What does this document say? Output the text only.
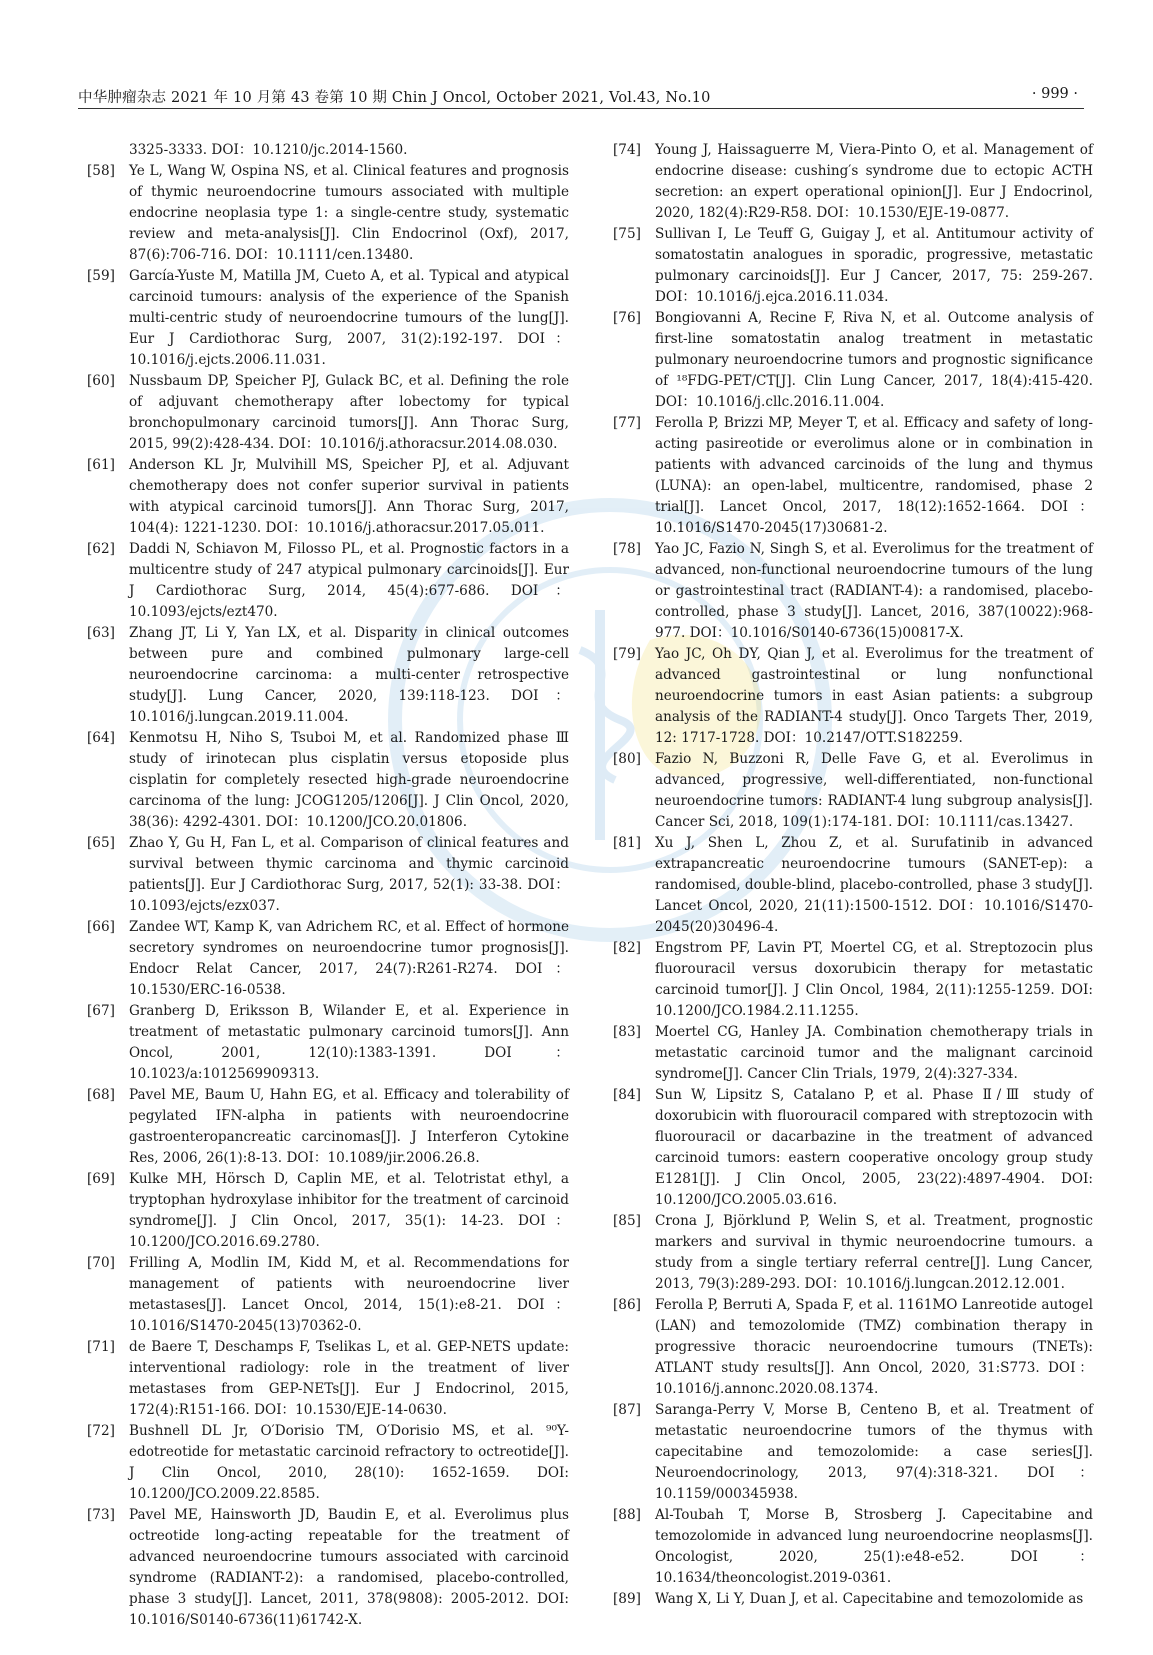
中华肿瘤杂志 2021 年 10 月第 43 卷第 10 期 Chin J Oncol, October 2021, Vol.43, No.10	· 999 ·
3325-3333. DOI：10.1210/jc.2014-1560.
[58] Ye L, Wang W, Ospina NS, et al. Clinical features and prognosis of thymic neuroendocrine tumours associated with multiple endocrine neoplasia type 1: a single-centre study, systematic review and meta-analysis[J]. Clin Endocrinol (Oxf), 2017, 87(6):706-716. DOI：10.1111/cen.13480.
[59] García-Yuste M, Matilla JM, Cueto A, et al. Typical and atypical carcinoid tumours: analysis of the experience of the Spanish multi-centric study of neuroendocrine tumours of the lung[J]. Eur J Cardiothorac Surg, 2007, 31(2):192-197. DOI：10.1016/j.ejcts.2006.11.031.
[60] Nussbaum DP, Speicher PJ, Gulack BC, et al. Defining the role of adjuvant chemotherapy after lobectomy for typical bronchopulmonary carcinoid tumors[J]. Ann Thorac Surg, 2015, 99(2):428-434. DOI：10.1016/j.athoracsur.2014.08.030.
[61] Anderson KL Jr, Mulvihill MS, Speicher PJ, et al. Adjuvant chemotherapy does not confer superior survival in patients with atypical carcinoid tumors[J]. Ann Thorac Surg, 2017, 104(4): 1221-1230. DOI：10.1016/j.athoracsur.2017.05.011.
[62] Daddi N, Schiavon M, Filosso PL, et al. Prognostic factors in a multicentre study of 247 atypical pulmonary carcinoids[J]. Eur J Cardiothorac Surg, 2014, 45(4):677-686. DOI：10.1093/ejcts/ezt470.
[63] Zhang JT, Li Y, Yan LX, et al. Disparity in clinical outcomes between pure and combined pulmonary large-cell neuroendocrine carcinoma: a multi-center retrospective study[J]. Lung Cancer, 2020, 139:118-123. DOI：10.1016/j.lungcan.2019.11.004.
[64] Kenmotsu H, Niho S, Tsuboi M, et al. Randomized phase Ⅲ study of irinotecan plus cisplatin versus etoposide plus cisplatin for completely resected high-grade neuroendocrine carcinoma of the lung: JCOG1205/1206[J]. J Clin Oncol, 2020, 38(36): 4292-4301. DOI：10.1200/JCO.20.01806.
[65] Zhao Y, Gu H, Fan L, et al. Comparison of clinical features and survival between thymic carcinoma and thymic carcinoid patients[J]. Eur J Cardiothorac Surg, 2017, 52(1): 33-38. DOI：10.1093/ejcts/ezx037.
[66] Zandee WT, Kamp K, van Adrichem RC, et al. Effect of hormone secretory syndromes on neuroendocrine tumor prognosis[J]. Endocr Relat Cancer, 2017, 24(7):R261-R274. DOI：10.1530/ERC-16-0538.
[67] Granberg D, Eriksson B, Wilander E, et al. Experience in treatment of metastatic pulmonary carcinoid tumors[J]. Ann Oncol, 2001, 12(10):1383-1391. DOI：10.1023/a:1012569909313.
[68] Pavel ME, Baum U, Hahn EG, et al. Efficacy and tolerability of pegylated IFN-alpha in patients with neuroendocrine gastroenteropancreatic carcinomas[J]. J Interferon Cytokine Res, 2006, 26(1):8-13. DOI：10.1089/jir.2006.26.8.
[69] Kulke MH, Hörsch D, Caplin ME, et al. Telotristat ethyl, a tryptophan hydroxylase inhibitor for the treatment of carcinoid syndrome[J]. J Clin Oncol, 2017, 35(1): 14-23. DOI：10.1200/JCO.2016.69.2780.
[70] Frilling A, Modlin IM, Kidd M, et al. Recommendations for management of patients with neuroendocrine liver metastases[J]. Lancet Oncol, 2014, 15(1):e8-21. DOI：10.1016/S1470-2045(13)70362-0.
[71] de Baere T, Deschamps F, Tselikas L, et al. GEP-NETS update: interventional radiology: role in the treatment of liver metastases from GEP-NETs[J]. Eur J Endocrinol, 2015, 172(4):R151-166. DOI：10.1530/EJE-14-0630.
[72] Bushnell DL Jr, O′Dorisio TM, O′Dorisio MS, et al. ⁹⁰Y-edotreotide for metastatic carcinoid refractory to octreotide[J]. J Clin Oncol, 2010, 28(10): 1652-1659. DOI: 10.1200/JCO.2009.22.8585.
[73] Pavel ME, Hainsworth JD, Baudin E, et al. Everolimus plus octreotide long-acting repeatable for the treatment of advanced neuroendocrine tumours associated with carcinoid syndrome (RADIANT-2): a randomised, placebo-controlled, phase 3 study[J]. Lancet, 2011, 378(9808): 2005-2012. DOI: 10.1016/S0140-6736(11)61742-X.
[74] Young J, Haissaguerre M, Viera-Pinto O, et al. Management of endocrine disease: cushing′s syndrome due to ectopic ACTH secretion: an expert operational opinion[J]. Eur J Endocrinol, 2020, 182(4):R29-R58. DOI：10.1530/EJE-19-0877.
[75] Sullivan I, Le Teuff G, Guigay J, et al. Antitumour activity of somatostatin analogues in sporadic, progressive, metastatic pulmonary carcinoids[J]. Eur J Cancer, 2017, 75: 259-267. DOI：10.1016/j.ejca.2016.11.034.
[76] Bongiovanni A, Recine F, Riva N, et al. Outcome analysis of first-line somatostatin analog treatment in metastatic pulmonary neuroendocrine tumors and prognostic significance of ¹⁸FDG-PET/CT[J]. Clin Lung Cancer, 2017, 18(4):415-420. DOI：10.1016/j.cllc.2016.11.004.
[77] Ferolla P, Brizzi MP, Meyer T, et al. Efficacy and safety of long-acting pasireotide or everolimus alone or in combination in patients with advanced carcinoids of the lung and thymus (LUNA): an open-label, multicentre, randomised, phase 2 trial[J]. Lancet Oncol, 2017, 18(12):1652-1664. DOI：10.1016/S1470-2045(17)30681-2.
[78] Yao JC, Fazio N, Singh S, et al. Everolimus for the treatment of advanced, non-functional neuroendocrine tumours of the lung or gastrointestinal tract (RADIANT-4): a randomised, placebo-controlled, phase 3 study[J]. Lancet, 2016, 387(10022):968-977. DOI：10.1016/S0140-6736(15)00817-X.
[79] Yao JC, Oh DY, Qian J, et al. Everolimus for the treatment of advanced gastrointestinal or lung nonfunctional neuroendocrine tumors in east Asian patients: a subgroup analysis of the RADIANT-4 study[J]. Onco Targets Ther, 2019, 12: 1717-1728. DOI：10.2147/OTT.S182259.
[80] Fazio N, Buzzoni R, Delle Fave G, et al. Everolimus in advanced, progressive, well-differentiated, non-functional neuroendocrine tumors: RADIANT-4 lung subgroup analysis[J]. Cancer Sci, 2018, 109(1):174-181. DOI：10.1111/cas.13427.
[81] Xu J, Shen L, Zhou Z, et al. Surufatinib in advanced extrapancreatic neuroendocrine tumours (SANET-ep): a randomised, double-blind, placebo-controlled, phase 3 study[J]. Lancet Oncol, 2020, 21(11):1500-1512. DOI：10.1016/S1470-2045(20)30496-4.
[82] Engstrom PF, Lavin PT, Moertel CG, et al. Streptozocin plus fluorouracil versus doxorubicin therapy for metastatic carcinoid tumor[J]. J Clin Oncol, 1984, 2(11):1255-1259. DOI: 10.1200/JCO.1984.2.11.1255.
[83] Moertel CG, Hanley JA. Combination chemotherapy trials in metastatic carcinoid tumor and the malignant carcinoid syndrome[J]. Cancer Clin Trials, 1979, 2(4):327-334.
[84] Sun W, Lipsitz S, Catalano P, et al. Phase Ⅱ/Ⅲ study of doxorubicin with fluorouracil compared with streptozocin with fluorouracil or dacarbazine in the treatment of advanced carcinoid tumors: eastern cooperative oncology group study E1281[J]. J Clin Oncol, 2005, 23(22):4897-4904. DOI: 10.1200/JCO.2005.03.616.
[85] Crona J, Björklund P, Welin S, et al. Treatment, prognostic markers and survival in thymic neuroendocrine tumours. a study from a single tertiary referral centre[J]. Lung Cancer, 2013, 79(3):289-293. DOI：10.1016/j.lungcan.2012.12.001.
[86] Ferolla P, Berruti A, Spada F, et al. 1161MO Lanreotide autogel (LAN) and temozolomide (TMZ) combination therapy in progressive thoracic neuroendocrine tumours (TNETs): ATLANT study results[J]. Ann Oncol, 2020, 31:S773. DOI：10.1016/j.annonc.2020.08.1374.
[87] Saranga-Perry V, Morse B, Centeno B, et al. Treatment of metastatic neuroendocrine tumors of the thymus with capecitabine and temozolomide: a case series[J]. Neuroendocrinology, 2013, 97(4):318-321. DOI：10.1159/000345938.
[88] Al-Toubah T, Morse B, Strosberg J. Capecitabine and temozolomide in advanced lung neuroendocrine neoplasms[J]. Oncologist, 2020, 25(1):e48-e52. DOI：10.1634/theoncologist.2019-0361.
[89] Wang X, Li Y, Duan J, et al. Capecitabine and temozolomide as
